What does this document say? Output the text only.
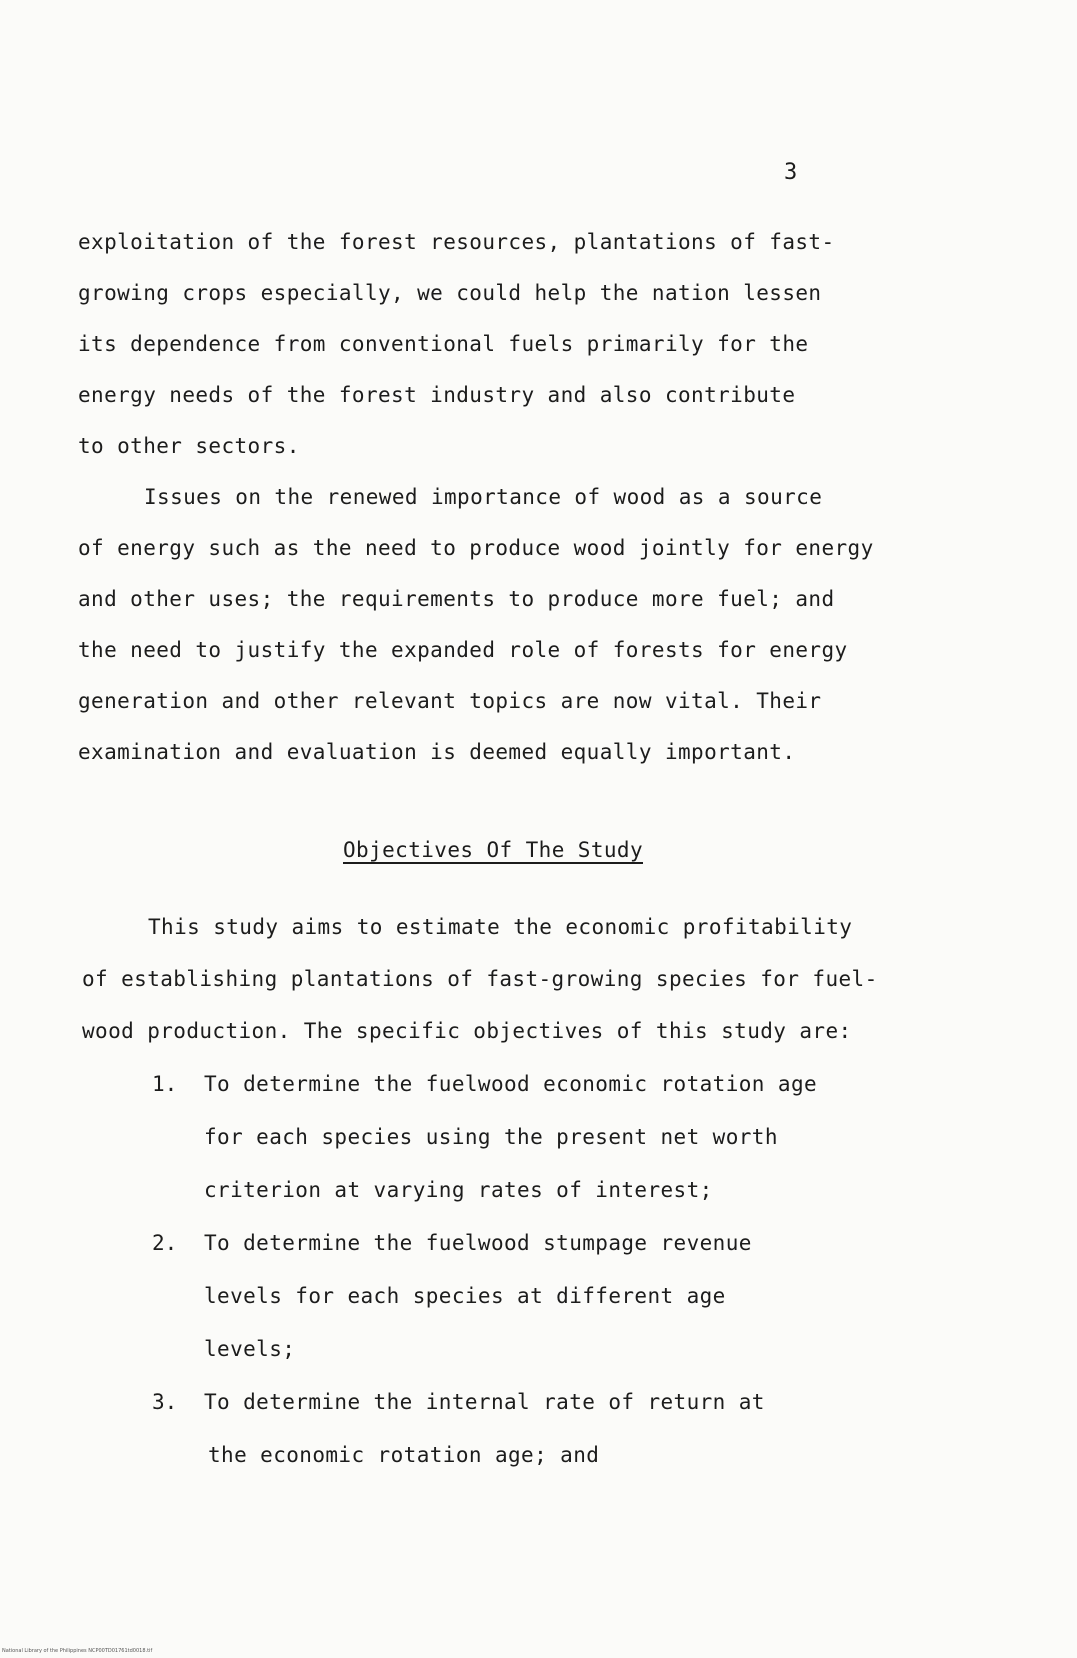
3
exploitation of the forest resources, plantations of fast-
growing crops especially, we could help the nation lessen
its dependence from conventional fuels primarily for the
energy needs of the forest industry and also contribute
to other sectors.
Issues on the renewed importance of wood as a source
of energy such as the need to produce wood jointly for energy
and other uses; the requirements to produce more fuel; and
the need to justify the expanded role of forests for energy
generation and other relevant topics are now vital. Their
examination and evaluation is deemed equally important.
Objectives Of The Study
This study aims to estimate the economic profitability
of establishing plantations of fast-growing species for fuel-
wood production. The specific objectives of this study are:
1. To determine the fuelwood economic rotation age
for each species using the present net worth
criterion at varying rates of interest;
2. To determine the fuelwood stumpage revenue
levels for each species at different age
levels;
3. To determine the internal rate of return at
the economic rotation age; and
National Library of the Philippines NCP00TD01761td0018.tif
